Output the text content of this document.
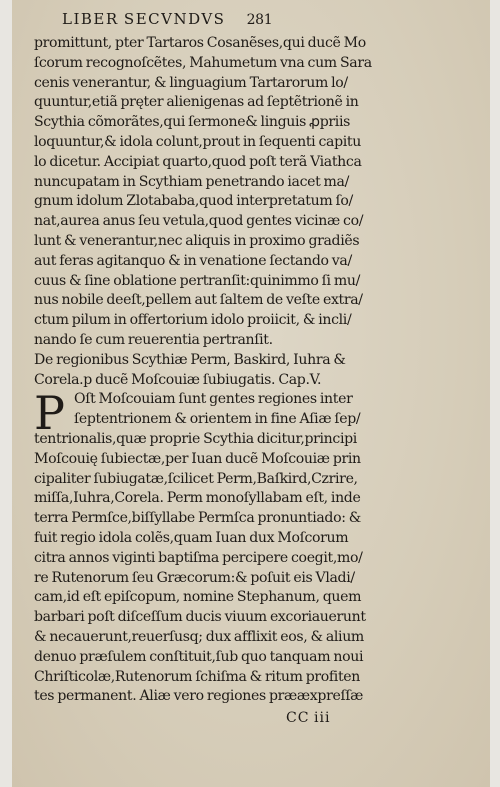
LIBER SECVNDVS 281
promittunt, pter Tartaros Cosanẽses,qui ducẽ Mo
ſcorum recognoſcẽtes, Mahumetum vna cum Sara
cenis venerantur, & linguagium Tartarorum lo/
quuntur,etiã pręter alienigenas ad ſeptẽtrionẽ in
Scythia cõmorãtes,qui ſermone& linguis ꝓpriis
loquuntur,& idola colunt,prout in ſequenti capitu
lo dicetur. Accipiat quarto,quod poſt terã Viathca
nuncupatam in Scythiam penetrando iacet ma/
gnum idolum Zlotababa,quod interpretatum ſo/
nat,aurea anus ſeu vetula,quod gentes vicinæ co/
lunt & venerantur,nec aliquis in proximo gradiẽs
aut feras agitanquo & in venatione ſectando va/
cuus & ſine oblatione pertranſit:quinimmo ſi mu/
nus nobile deeſt,pellem aut ſaltem de veſte extra/
ctum pilum in offertorium idolo proiicit, & incli/
nando ſe cum reuerentia pertranſit.
De regionibus Scythiæ Perm, Baskird, Iuhra &
Corela.p ducẽ Moſcouiæ ſubiugatis. Cap.V.
P Oſt Moſcouiam ſunt gentes regiones inter
ſeptentrionem & orientem in fine Aſiæ ſep/
tentrionalis,quæ proprie Scythia dicitur,principi
Moſcouię ſubiectæ,per Iuan ducẽ Moſcouiæ prin
cipaliter ſubiugatæ,ſcilicet Perm,Baſkird,Czrire,
miſſa,Iuhra,Corela. Perm monoſyllabam eſt, inde
terra Permſce,biſſyllabe Permſca pronuntiado: &
fuit regio idola colẽs,quam Iuan dux Moſcorum
citra annos viginti baptiſma percipere coegit,mo/
re Rutenorum ſeu Græcorum:& poſuit eis Vladi/
cam,id eſt epiſcopum, nomine Stephanum, quem
barbari poſt diſceſſum ducis viuum excoriauerunt
& necauerunt,reuerſusq; dux afflixit eos, & alium
denuo præſulem conſtituit,ſub quo tanquam noui
Chriſticolæ,Rutenorum ſchiſma & ritum profiten
tes permanent. Aliæ vero regiones prææxpreſſæ
CC iii
